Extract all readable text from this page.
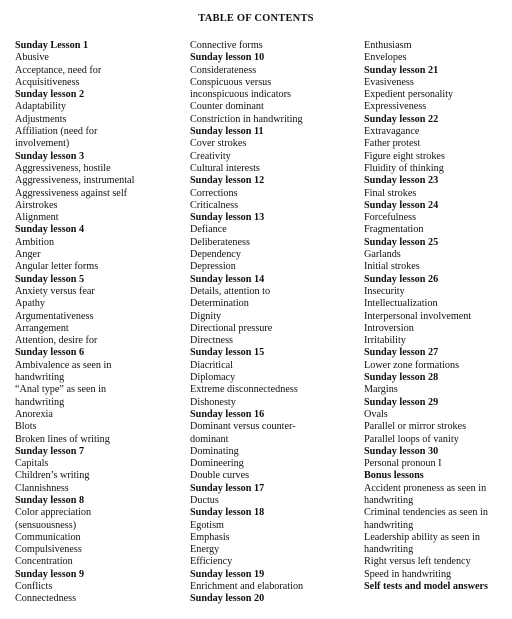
TABLE OF CONTENTS
Sunday Lesson 1
Abusive
Acceptance, need for
Acquisitiveness
Sunday lesson 2
Adaptability
Adjustments
Affiliation (need for
involvement)
Sunday lesson 3
Aggressiveness, hostile
Aggressiveness, instrumental
Aggressiveness against self
Airstrokes
Alignment
Sunday lesson 4
Ambition
Anger
Angular letter forms
Sunday lesson 5
Anxiety versus fear
Apathy
Argumentativeness
Arrangement
Attention, desire for
Sunday lesson 6
Ambivalence as seen in
handwriting
“Anal type” as seen in
handwriting
Anorexia
Blots
Broken lines of writing
Sunday lesson 7
Capitals
Children’s writing
Clannishness
Sunday lesson 8
Color appreciation
(sensuousness)
Communication
Compulsiveness
Concentration
Sunday lesson 9
Conflicts
Connectedness
Connective forms
Sunday lesson 10
Considerateness
Conspicuous versus
inconspicuous indicators
Counter dominant
Constriction in handwriting
Sunday lesson 11
Cover strokes
Creativity
Cultural interests
Sunday lesson 12
Corrections
Criticalness
Sunday lesson 13
Defiance
Deliberateness
Dependency
Depression
Sunday lesson 14
Details, attention to
Determination
Dignity
Directional pressure
Directness
Sunday lesson 15
Diacritical
Diplomacy
Extreme disconnectedness
Dishonesty
Sunday lesson 16
Dominant versus counter-
dominant
Dominating
Domineering
Double curves
Sunday lesson 17
Ductus
Sunday lesson 18
Egotism
Emphasis
Energy
Efficiency
Sunday lesson 19
Enrichment and elaboration
Sunday lesson 20
Enthusiasm
Envelopes
Sunday lesson 21
Evasiveness
Expedient personality
Expressiveness
Sunday lesson 22
Extravagance
Father protest
Figure eight strokes
Fluidity of thinking
Sunday lesson 23
Final strokes
Sunday lesson 24
Forcefulness
Fragmentation
Sunday lesson 25
Garlands
Initial strokes
Sunday lesson 26
Insecurity
Intellectualization
Interpersonal involvement
Introversion
Irritability
Sunday lesson 27
Lower zone formations
Sunday lesson 28
Margins
Sunday lesson 29
Ovals
Parallel or mirror strokes
Parallel loops of vanity
Sunday lesson 30
Personal pronoun I
Bonus lessons
Accident proneness as seen in
handwriting
Criminal tendencies as seen in
handwriting
Leadership ability as seen in
handwriting
Right versus left tendency
Speed in handwriting
Self tests and model answers
